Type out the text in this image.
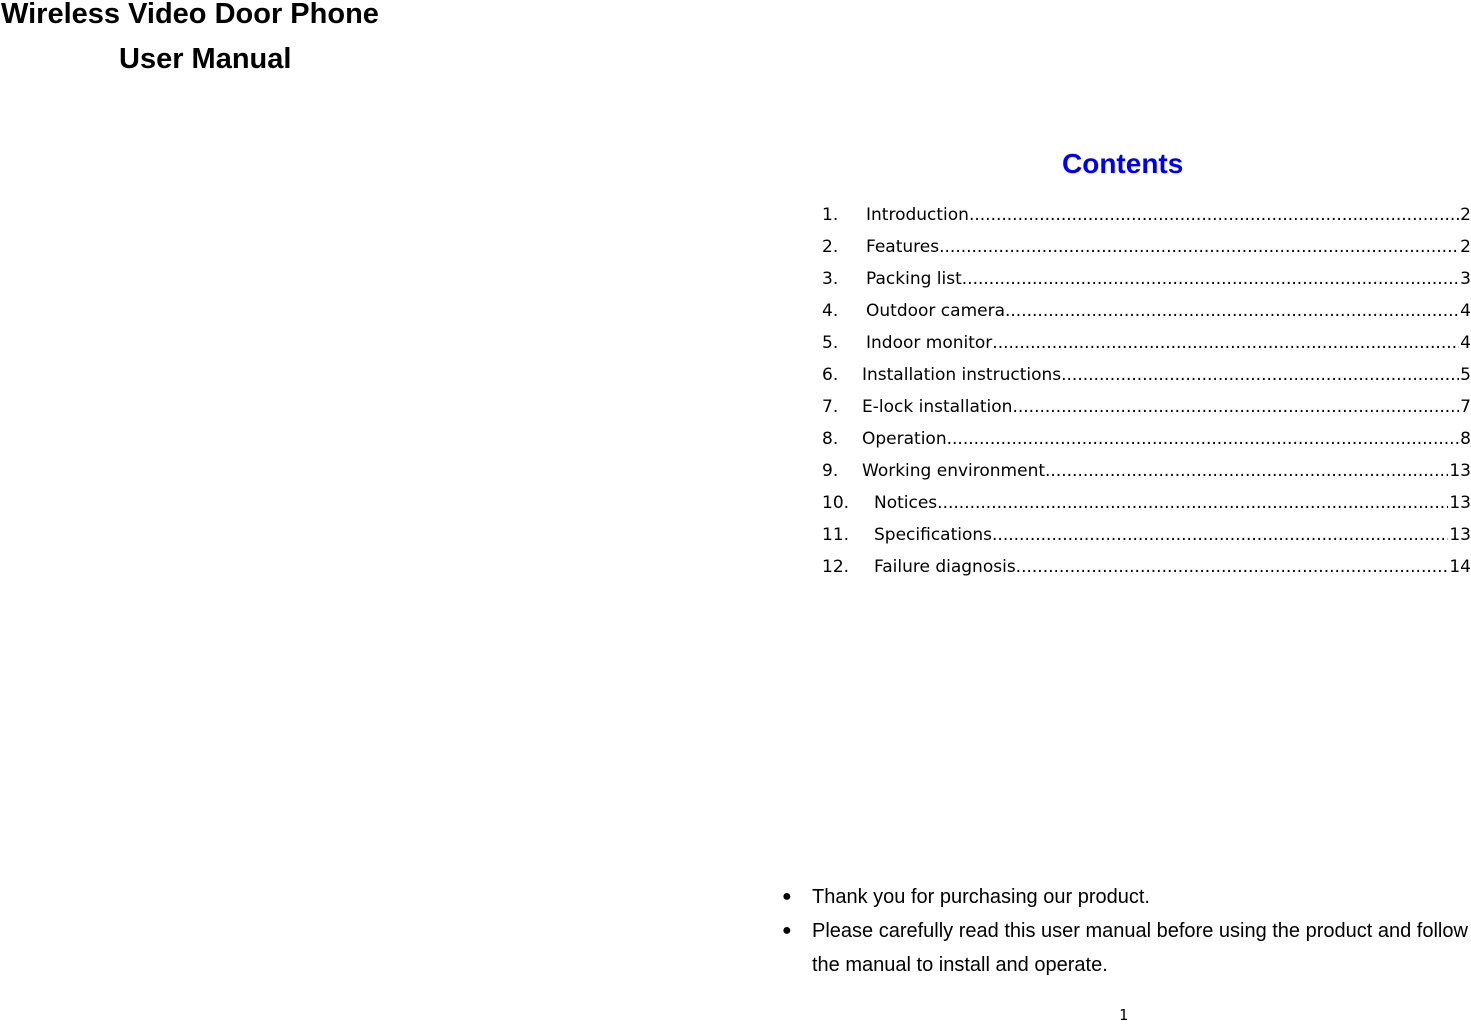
Wireless Video Door Phone
User Manual
Contents
1.	Introduction .....	2
2.	Features .....	2
3.	Packing list .....	3
4.	Outdoor camera .....	4
5.	Indoor monitor .....	4
6.	Installation instructions .....	5
7.	E-lock installation .....	7
8.	Operation .....	8
9.	Working environment .....	13
10.	Notices .....	13
11.	Specifications .....	13
12.	Failure diagnosis .....	14
●	Thank you for purchasing our product.
●	Please carefully read this user manual before using the product and follow the manual to install and operate.
1
